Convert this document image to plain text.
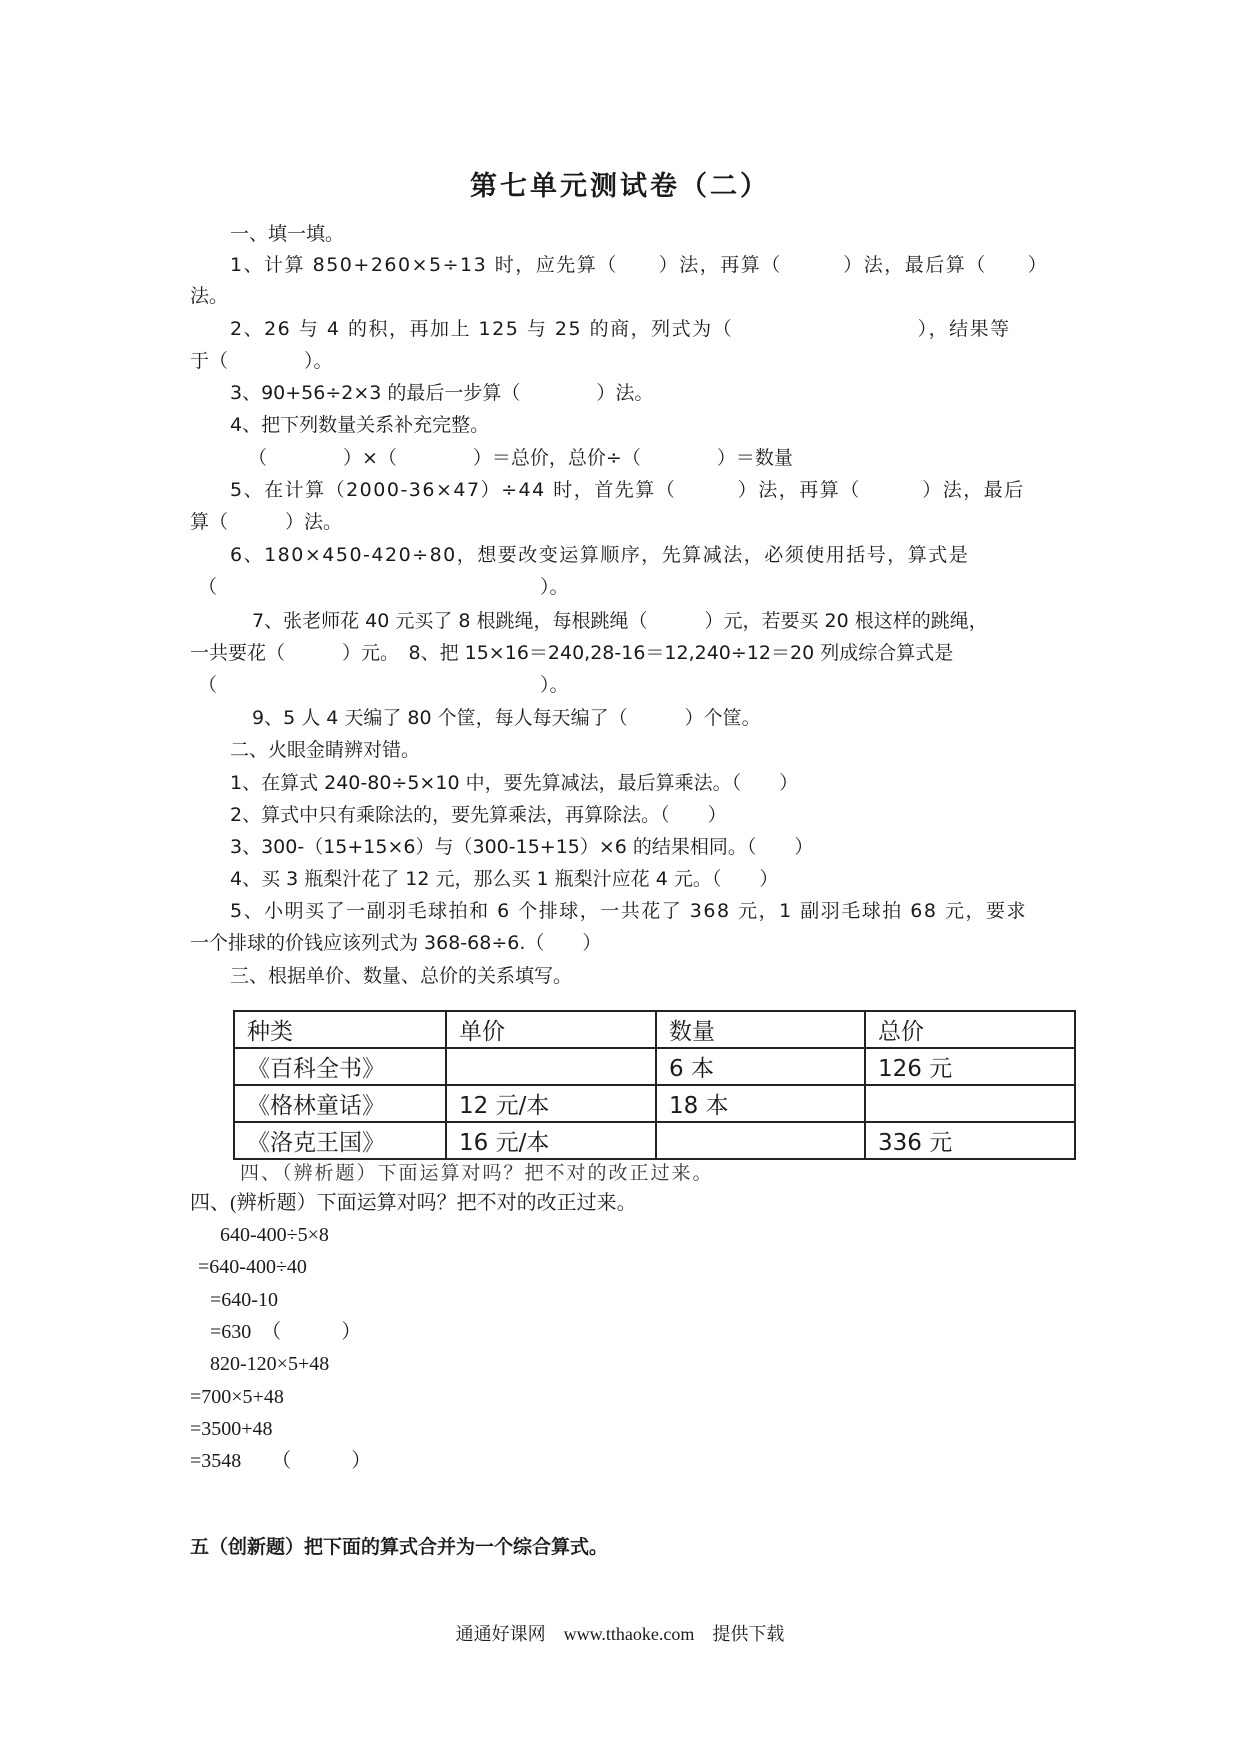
第七单元测试卷（二）
一、填一填。
1、计算 850+260×5÷13 时，应先算（　　）法，再算（　　　）法，最后算（　　）
法。
2、26 与 4 的积，再加上 125 与 25 的商，列式为（　　　　　　　　　），结果等
于（　　　　）。
3、90+56÷2×3 的最后一步算（　　　　）法。
4、把下列数量关系补充完整。
（　　　　）×（　　　　）＝总价，总价÷（　　　　）＝数量
5、在计算（2000-36×47）÷44 时，首先算（　　　）法，再算（　　　）法，最后
算（　　　）法。
6、180×450-420÷80，想要改变运算顺序，先算减法，必须使用括号，算式是
（　　　　　　　　　　　　　　　　　）。
7、张老师花 40 元买了 8 根跳绳，每根跳绳（　　　）元，若要买 20 根这样的跳绳，
一共要花（　　　）元。　8、把 15×16＝240,28-16＝12,240÷12＝20 列成综合算式是
（　　　　　　　　　　　　　　　　　）。
9、5 人 4 天编了 80 个筐，每人每天编了（　　　）个筐。
二、火眼金睛辨对错。
1、在算式 240-80÷5×10 中，要先算减法，最后算乘法。（　　）
2、算式中只有乘除法的，要先算乘法，再算除法。（　　）
3、300-（15+15×6）与（300-15+15）×6 的结果相同。（　　）
4、买 3 瓶梨汁花了 12 元，那么买 1 瓶梨汁应花 4 元。（　　）
5、小明买了一副羽毛球拍和 6 个排球，一共花了 368 元，1 副羽毛球拍 68 元，要求
一个排球的价钱应该列式为 368-68÷6.（　　）
三、根据单价、数量、总价的关系填写。
种类	单价	数量	总价
《百科全书》		6 本	126 元
《格林童话》	12 元/本	18 本	
《洛克王国》	16 元/本		336 元
四、（辨析题）下面运算对吗？把不对的改正过来。
四、(辨析题）下面运算对吗？把不对的改正过来。
640-400÷5×8
=640-400÷40
=640-10
=630　（　　　）
820-120×5+48
=700×5+48
=3500+48
=3548　　（　　　）
五（创新题）把下面的算式合并为一个综合算式。
通通好课网　www.tthaoke.com　提供下载
